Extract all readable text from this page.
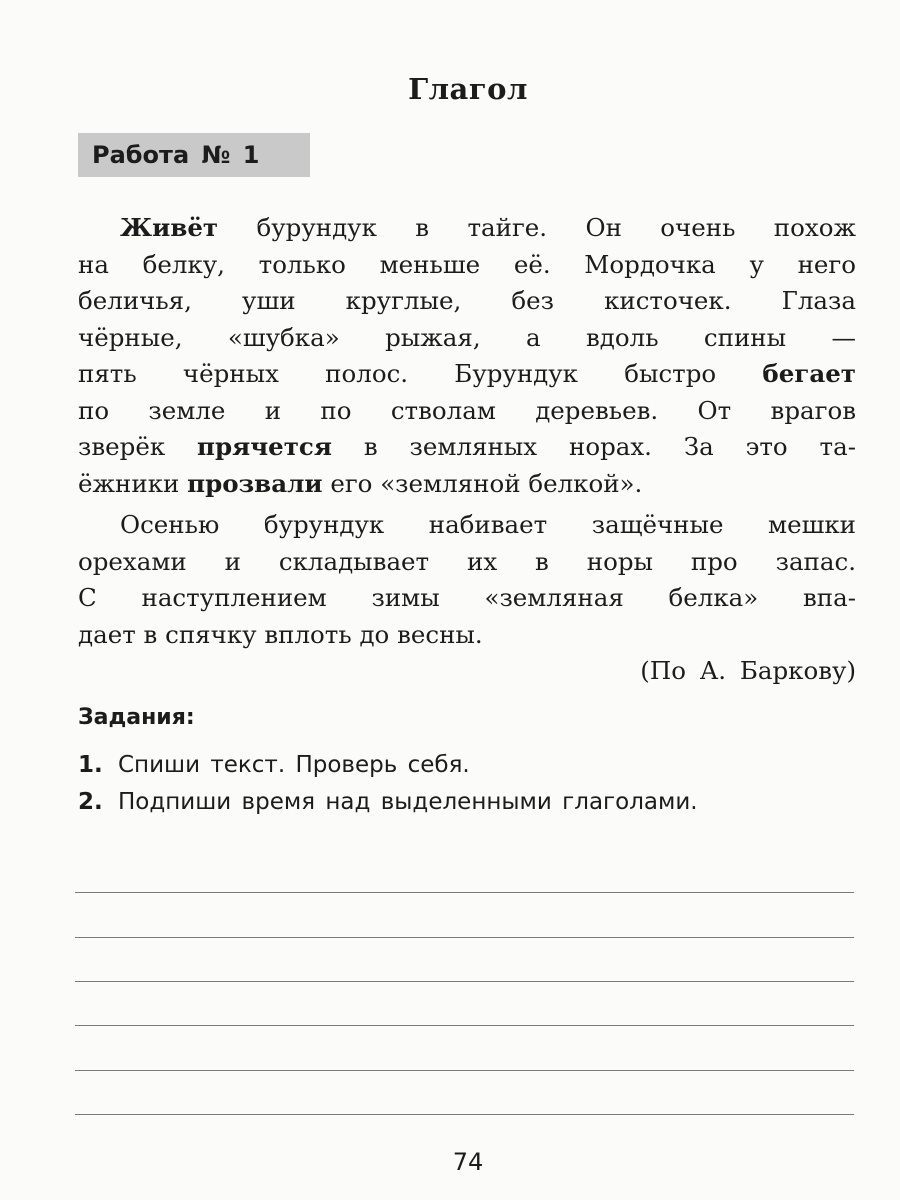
Глагол
Работа № 1
Живёт бурундук в тайге. Он очень похож
на белку, только меньше её. Мордочка у него
беличья, уши круглые, без кисточек. Глаза
чёрные, «шубка» рыжая, а вдоль спины —
пять чёрных полос. Бурундук быстро бегает
по земле и по стволам деревьев. От врагов
зверёк прячется в земляных норах. За это та-
ёжники прозвали его «земляной белкой».
Осенью бурундук набивает защёчные мешки
орехами и складывает их в норы про запас.
С наступлением зимы «земляная белка» впа-
дает в спячку вплоть до весны.
(По А. Баркову)
Задания:
1. Спиши текст. Проверь себя.
2. Подпиши время над выделенными глаголами.
74
